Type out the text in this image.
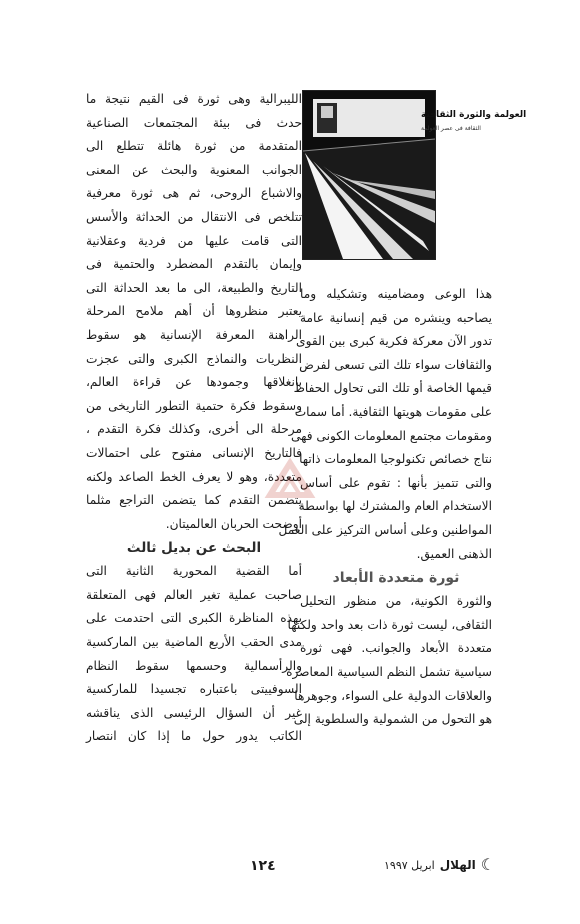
العولمة والثورة الثقافية
الثقافة فى عصر العولمة

الليبرالية وهى ثورة فى القيم نتيجة ما
حدث فى بيئة المجتمعات الصناعية
المتقدمة من ثورة هائلة تتطلع الى
الجوانب المعنوية والبحث عن المعنى
والاشباع الروحى، ثم هى ثورة معرفية
تتلخص فى الانتقال من الحداثة والأسس
التى قامت عليها من فردية وعقلانية
وإيمان بالتقدم المضطرد والحتمية فى
التاريخ والطبيعة، الى ما بعد الحداثة التى
يعتبر منظروها أن أهم ملامح المرحلة
الراهنة المعرفة الإنسانية هو سقوط
النظريات والنماذج الكبرى والتى عجزت
بانغلاقها وجمودها عن قراءة العالم،
وسقوط فكرة حتمية التطور التاريخى من
مرحلة الى أخرى، وكذلك فكرة التقدم ،
فالتاريخ الإنسانى مفتوح على احتمالات
متعددة، وهو لا يعرف الخط الصاعد ولكنه
يتضمن التقدم كما يتضمن التراجع مثلما
أوضحت الحربان العالميتان.

البحث عن بديل ثالث

أما القضية المحورية الثانية التى
صاحبت عملية تغير العالم فهى المتعلقة
بهذه المناظرة الكبرى التى احتدمت على
مدى الحقب الأربع الماضية بين الماركسية
والرأسمالية وحسمها سقوط النظام
السوفييتى باعتباره تجسيدا للماركسية
غير أن السؤال الرئيسى الذى يناقشه
الكاتب يدور حول ما إذا كان انتصار

هذا الوعى ومضامينه وتشكيله وما
يصاحبه وينشره من قيم إنسانية عامة
تدور الآن معركة فكرية كبرى بين القوى
والثقافات سواء تلك التى تسعى لفرض
قيمها الخاصة أو تلك التى تحاول الحفاظ
على مقومات هويتها الثقافية. أما سمات
ومقومات مجتمع المعلومات الكونى فهى
نتاج خصائص تكنولوجيا المعلومات ذاتها
والتى تتميز بأنها : تقوم على أساس
الاستخدام العام والمشترك لها بواسطة
المواطنين وعلى أساس التركيز على العمل
الذهنى العميق.

ثورة متعددة الأبعاد

والثورة الكونية، من منظور التحليل
الثقافى، ليست ثورة ذات بعد واحد ولكنها
متعددة الأبعاد والجوانب. فهى ثورة
سياسية تشمل النظم السياسية المعاصرة
والعلاقات الدولية على السواء، وجوهرها
هو التحول من الشمولية والسلطوية إلى

١٢٤	☾
الهلال
ابريل ١٩٩٧
